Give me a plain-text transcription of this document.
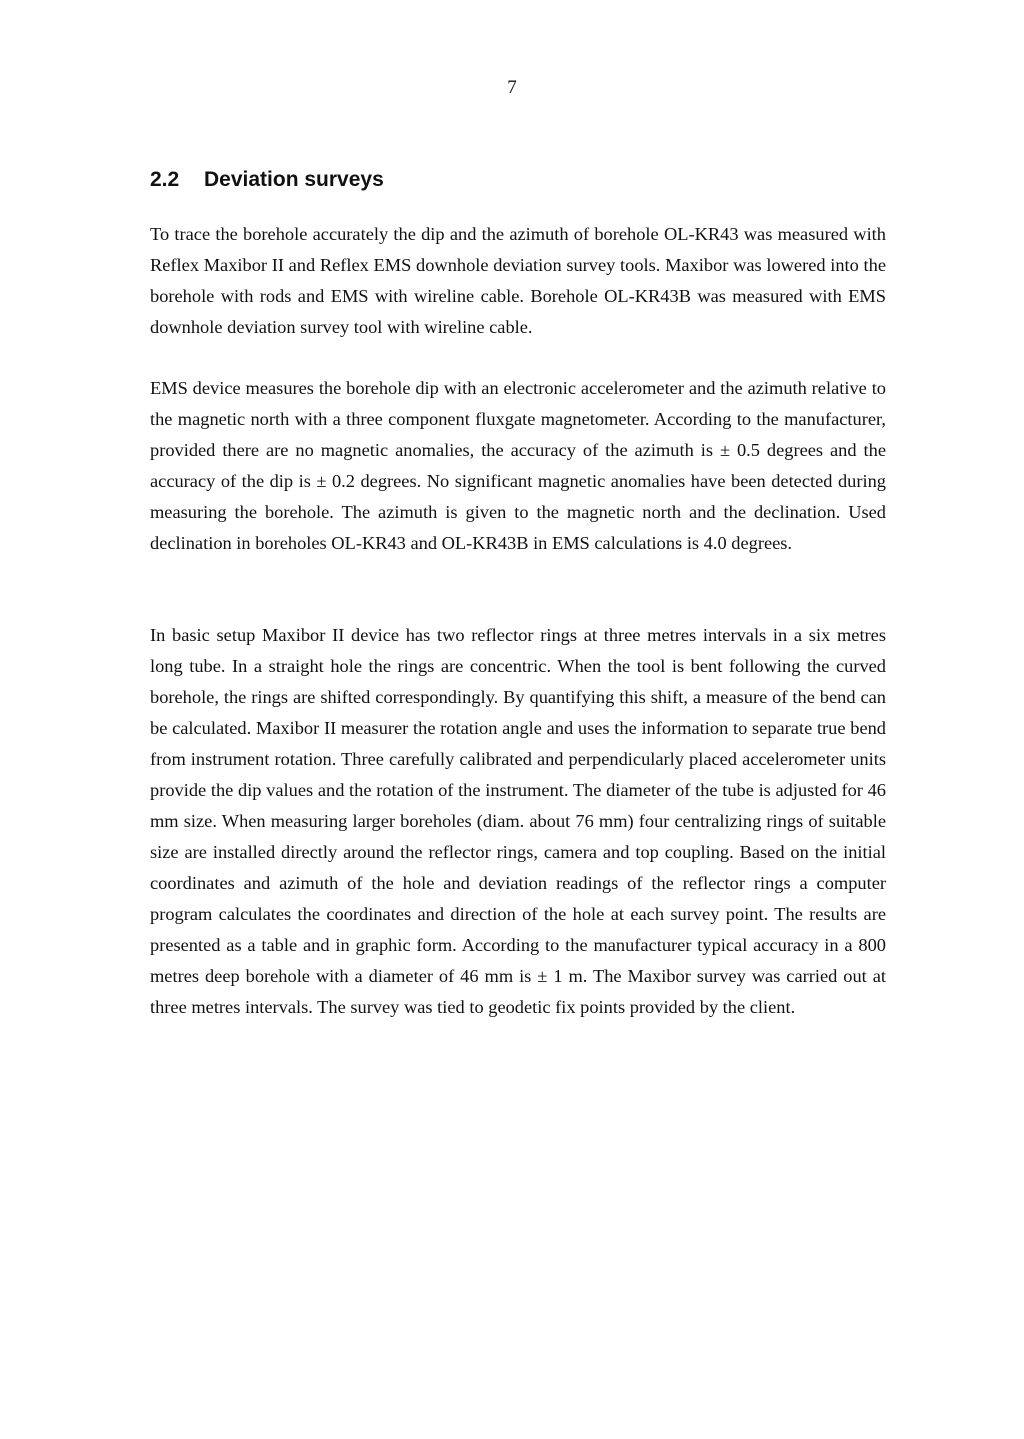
7
2.2 Deviation surveys

To trace the borehole accurately the dip and the azimuth of borehole OL-KR43 was measured with Reflex Maxibor II and Reflex EMS downhole deviation survey tools. Maxibor was lowered into the borehole with rods and EMS with wireline cable. Borehole OL-KR43B was measured with EMS downhole deviation survey tool with wireline cable.

EMS device measures the borehole dip with an electronic accelerometer and the azimuth relative to the magnetic north with a three component fluxgate magnetometer. According to the manufacturer, provided there are no magnetic anomalies, the accuracy of the azimuth is ± 0.5 degrees and the accuracy of the dip is ± 0.2 degrees. No significant magnetic anomalies have been detected during measuring the borehole. The azimuth is given to the magnetic north and the declination. Used declination in boreholes OL-KR43 and OL-KR43B in EMS calculations is 4.0 degrees.

In basic setup Maxibor II device has two reflector rings at three metres intervals in a six metres long tube. In a straight hole the rings are concentric. When the tool is bent following the curved borehole, the rings are shifted correspondingly. By quantifying this shift, a measure of the bend can be calculated. Maxibor II measurer the rotation angle and uses the information to separate true bend from instrument rotation. Three carefully calibrated and perpendicularly placed accelerometer units provide the dip values and the rotation of the instrument. The diameter of the tube is adjusted for 46 mm size. When measuring larger boreholes (diam. about 76 mm) four centralizing rings of suitable size are installed directly around the reflector rings, camera and top coupling. Based on the initial coordinates and azimuth of the hole and deviation readings of the reflector rings a computer program calculates the coordinates and direction of the hole at each survey point. The results are presented as a table and in graphic form. According to the manufacturer typical accuracy in a 800 metres deep borehole with a diameter of 46 mm is ± 1 m. The Maxibor survey was carried out at three metres intervals. The survey was tied to geodetic fix points provided by the client.
